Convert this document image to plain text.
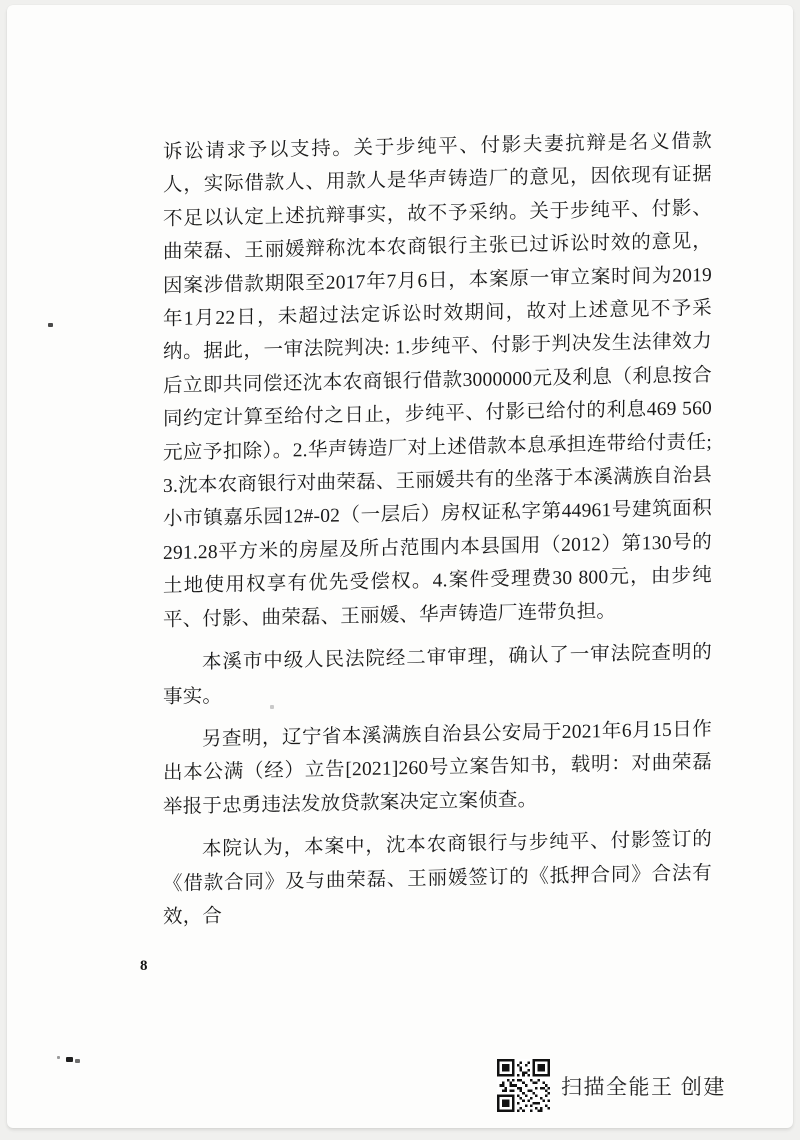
诉讼请求予以支持。关于步纯平、付影夫妻抗辩是名义借款人，实际借款人、用款人是华声铸造厂的意见，因依现有证据不足以认定上述抗辩事实，故不予采纳。关于步纯平、付影、曲荣磊、王丽媛辩称沈本农商银行主张已过诉讼时效的意见，因案涉借款期限至2017年7月6日，本案原一审立案时间为2019年1月22日，未超过法定诉讼时效期间，故对上述意见不予采纳。据此，一审法院判决: 1.步纯平、付影于判决发生法律效力后立即共同偿还沈本农商银行借款3000000元及利息（利息按合同约定计算至给付之日止，步纯平、付影已给付的利息469 560元应予扣除）。2.华声铸造厂对上述借款本息承担连带给付责任; 3.沈本农商银行对曲荣磊、王丽媛共有的坐落于本溪满族自治县小市镇嘉乐园12#-02（一层后）房权证私字第44961号建筑面积291.28平方米的房屋及所占范围内本县国用（2012）第130号的土地使用权享有优先受偿权。4.案件受理费30 800元，由步纯平、付影、曲荣磊、王丽媛、华声铸造厂连带负担。

本溪市中级人民法院经二审审理，确认了一审法院查明的事实。

另查明，辽宁省本溪满族自治县公安局于2021年6月15日作出本公满（经）立告[2021]260号立案告知书，载明：对曲荣磊举报于忠勇违法发放贷款案决定立案侦查。

本院认为，本案中，沈本农商银行与步纯平、付影签订的《借款合同》及与曲荣磊、王丽媛签订的《抵押合同》合法有效，合

8
扫描全能王 创建
